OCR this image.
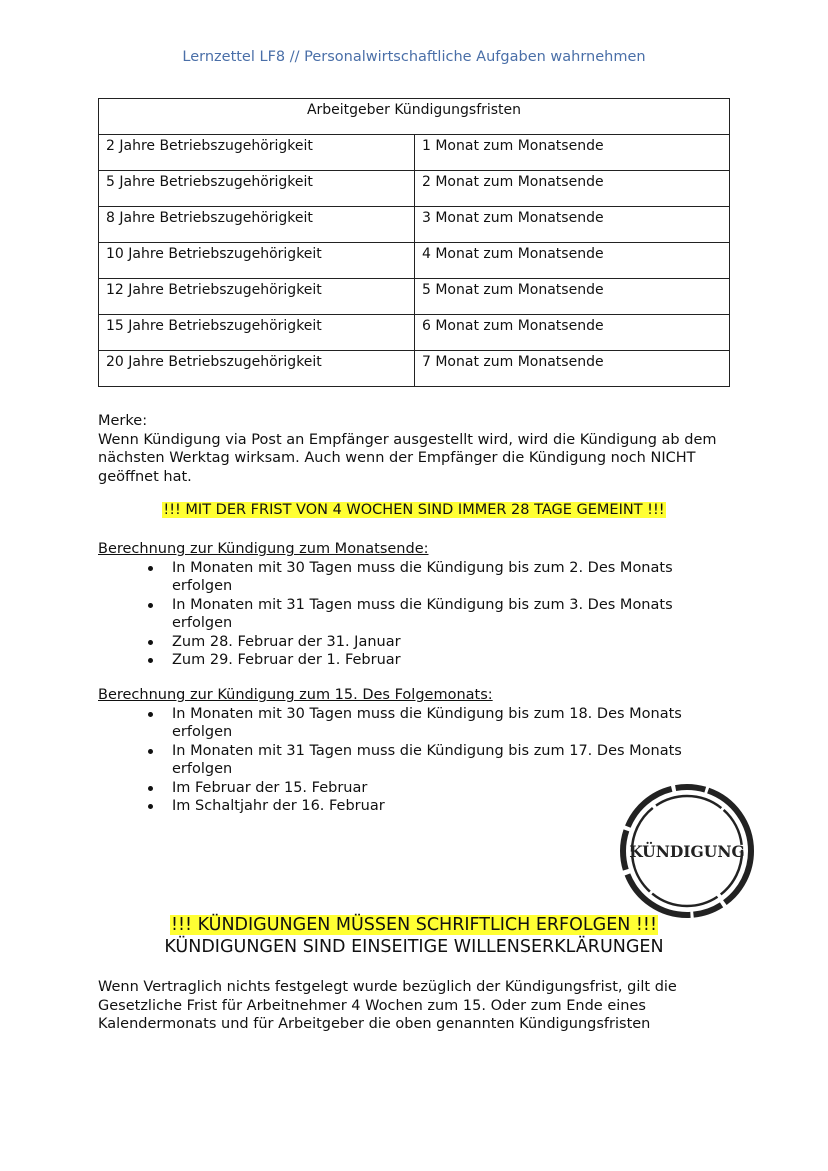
Lernzettel LF8 // Personalwirtschaftliche Aufgaben wahrnehmen
Arbeitgeber Kündigungsfristen	
2 Jahre Betriebszugehörigkeit	1 Monat zum Monatsende
5 Jahre Betriebszugehörigkeit	2 Monat zum Monatsende
8 Jahre Betriebszugehörigkeit	3 Monat zum Monatsende
10 Jahre Betriebszugehörigkeit	4 Monat zum Monatsende
12 Jahre Betriebszugehörigkeit	5 Monat zum Monatsende
15 Jahre Betriebszugehörigkeit	6 Monat zum Monatsende
20 Jahre Betriebszugehörigkeit	7 Monat zum Monatsende
Merke:
Wenn Kündigung via Post an Empfänger ausgestellt wird, wird die Kündigung ab dem nächsten Werktag wirksam. Auch wenn der Empfänger die Kündigung noch NICHT geöffnet hat.
!!! MIT DER FRIST VON 4 WOCHEN SIND IMMER 28 TAGE GEMEINT !!!
Berechnung zur Kündigung zum Monatsende:
In Monaten mit 30 Tagen muss die Kündigung bis zum 2. Des Monats erfolgen
In Monaten mit 31 Tagen muss die Kündigung bis zum 3. Des Monats erfolgen
Zum 28. Februar der 31. Januar
Zum 29. Februar der 1. Februar
Berechnung zur Kündigung zum 15. Des Folgemonats:
In Monaten mit 30 Tagen muss die Kündigung bis zum 18. Des Monats erfolgen
In Monaten mit 31 Tagen muss die Kündigung bis zum 17. Des Monats erfolgen
Im Februar der 15. Februar
Im Schaltjahr der 16. Februar
KÜNDIGUNG
!!! KÜNDIGUNGEN MÜSSEN SCHRIFTLICH ERFOLGEN !!!
KÜNDIGUNGEN SIND EINSEITIGE WILLENSERKLÄRUNGEN
Wenn Vertraglich nichts festgelegt wurde bezüglich der Kündigungsfrist, gilt die Gesetzliche Frist für Arbeitnehmer 4 Wochen zum 15. Oder zum Ende eines Kalendermonats und für Arbeitgeber die oben genannten Kündigungsfristen
